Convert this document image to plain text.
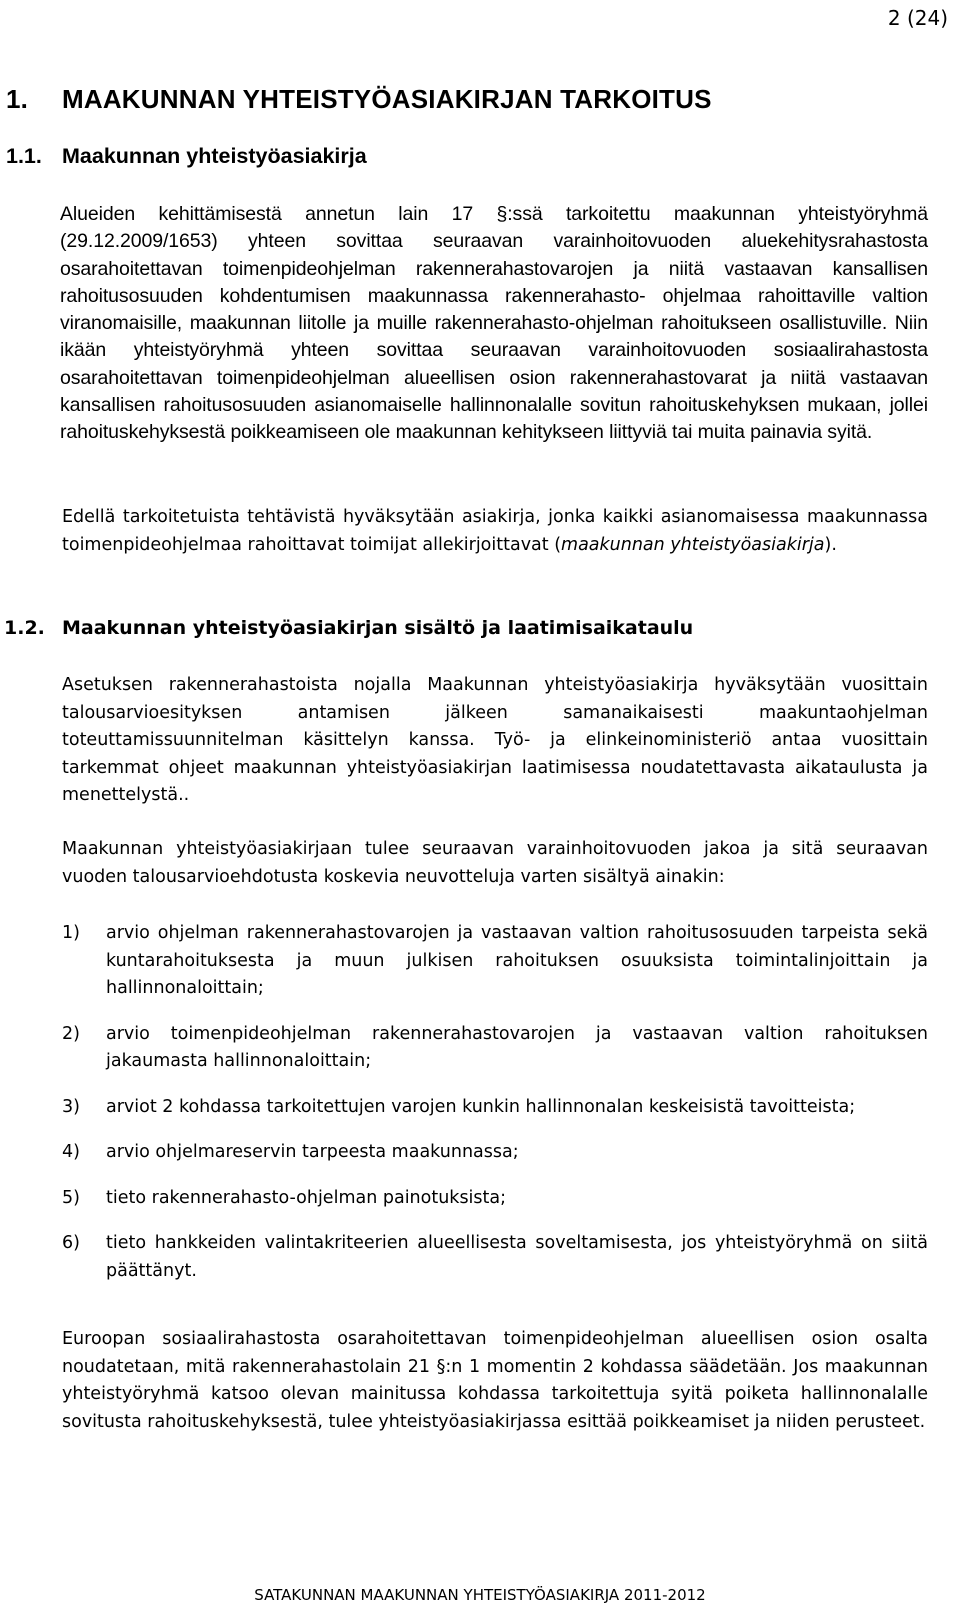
2 (24)
1. MAAKUNNAN YHTEISTYÖASIAKIRJAN TARKOITUS
1.1. Maakunnan yhteistyöasiakirja
Alueiden kehittämisestä annetun lain 17 §:ssä tarkoitettu maakunnan yhteistyöryhmä (29.12.2009/1653) yhteen sovittaa seuraavan varainhoitovuoden aluekehitysrahastosta osarahoitettavan toimenpideohjelman rakennerahastovarojen ja niitä vastaavan kansallisen rahoitusosuuden kohdentumisen maakunnassa rakennerahasto- ohjelmaa rahoittaville valtion viranomaisille, maakunnan liitolle ja muille rakennerahasto-ohjelman rahoitukseen osallistuville. Niin ikään yhteistyöryhmä yhteen sovittaa seuraavan varainhoitovuoden sosiaalirahastosta osarahoitettavan toimenpideohjelman alueellisen osion rakennerahastovarat ja niitä vastaavan kansallisen rahoitusosuuden asianomaiselle hallinnonalalle sovitun rahoituskehyksen mukaan, jollei rahoituskehyksestä poikkeamiseen ole maakunnan kehitykseen liittyviä tai muita painavia syitä.
Edellä tarkoitetuista tehtävistä hyväksytään asiakirja, jonka kaikki asianomaisessa maakunnassa toimenpideohjelmaa rahoittavat toimijat allekirjoittavat (maakunnan yhteistyöasiakirja).
1.2. Maakunnan yhteistyöasiakirjan sisältö ja laatimisaikataulu
Asetuksen rakennerahastoista nojalla Maakunnan yhteistyöasiakirja hyväksytään vuosittain talousarvioesityksen antamisen jälkeen samanaikaisesti maakuntaohjelman toteuttamissuunnitelman käsittelyn kanssa. Työ- ja elinkeinoministeriö antaa vuosittain tarkemmat ohjeet maakunnan yhteistyöasiakirjan laatimisessa noudatettavasta aikataulusta ja menettelystä..
Maakunnan yhteistyöasiakirjaan tulee seuraavan varainhoitovuoden jakoa ja sitä seuraavan vuoden talousarvioehdotusta koskevia neuvotteluja varten sisältyä ainakin:
1) arvio ohjelman rakennerahastovarojen ja vastaavan valtion rahoitusosuuden tarpeista sekä kuntarahoituksesta ja muun julkisen rahoituksen osuuksista toimintalinjoittain ja hallinnonaloittain;
2) arvio toimenpideohjelman rakennerahastovarojen ja vastaavan valtion rahoituksen jakaumasta hallinnonaloittain;
3) arviot 2 kohdassa tarkoitettujen varojen kunkin hallinnonalan keskeisistä tavoitteista;
4) arvio ohjelmareservin tarpeesta maakunnassa;
5) tieto rakennerahasto-ohjelman painotuksista;
6) tieto hankkeiden valintakriteerien alueellisesta soveltamisesta, jos yhteistyöryhmä on siitä päättänyt.
Euroopan sosiaalirahastosta osarahoitettavan toimenpideohjelman alueellisen osion osalta noudatetaan, mitä rakennerahastolain 21 §:n 1 momentin 2 kohdassa säädetään. Jos maakunnan yhteistyöryhmä katsoo olevan mainitussa kohdassa tarkoitettuja syitä poiketa hallinnonalalle sovitusta rahoituskehyksestä, tulee yhteistyöasiakirjassa esittää poikkeamiset ja niiden perusteet.
SATAKUNNAN MAAKUNNAN YHTEISTYÖASIAKIRJA 2011-2012
